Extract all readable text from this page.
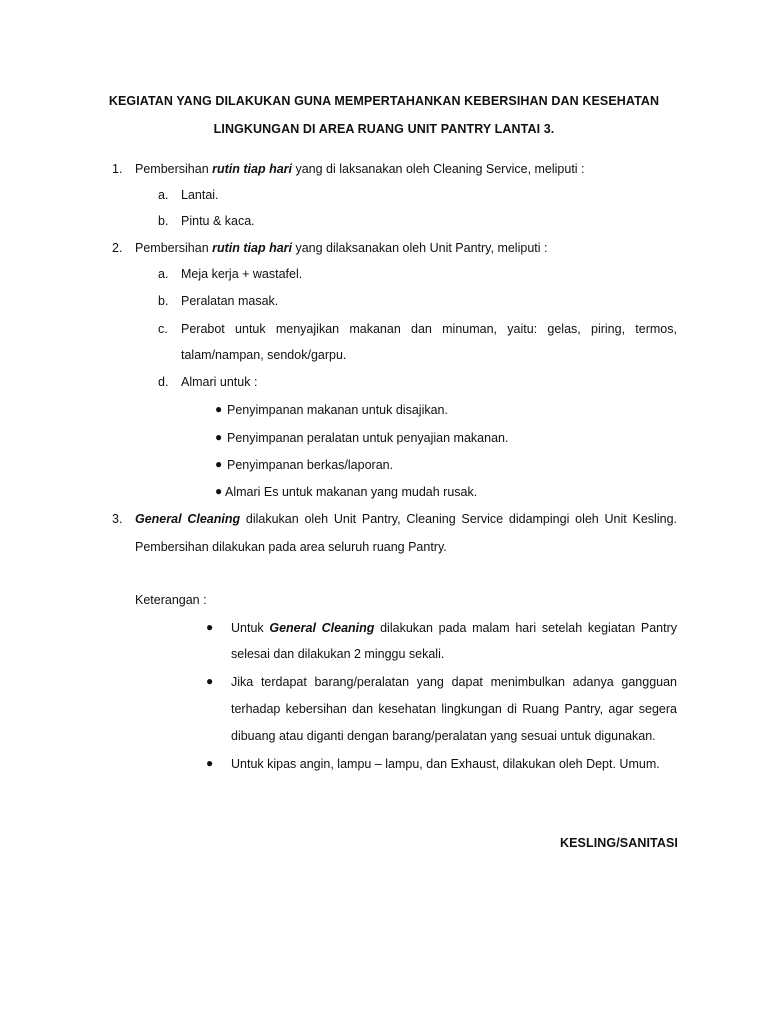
KEGIATAN YANG DILAKUKAN GUNA MEMPERTAHANKAN KEBERSIHAN DAN KESEHATAN
LINGKUNGAN DI AREA RUANG UNIT PANTRY LANTAI 3.
1. Pembersihan rutin tiap hari yang di laksanakan oleh Cleaning Service, meliputi :
a. Lantai.
b. Pintu & kaca.
2. Pembersihan rutin tiap hari yang dilaksanakan oleh Unit Pantry, meliputi :
a. Meja kerja + wastafel.
b. Peralatan masak.
c. Perabot untuk menyajikan makanan dan minuman, yaitu: gelas, piring, termos,
talam/nampan, sendok/garpu.
d. Almari untuk :
● Penyimpanan makanan untuk disajikan.
● Penyimpanan peralatan untuk penyajian makanan.
● Penyimpanan berkas/laporan.
● Almari Es untuk makanan yang mudah rusak.
3. General Cleaning dilakukan oleh Unit Pantry, Cleaning Service didampingi oleh Unit Kesling.
Pembersihan dilakukan pada area seluruh ruang Pantry.
Keterangan :
● Untuk General Cleaning dilakukan pada malam hari setelah kegiatan Pantry
selesai dan dilakukan 2 minggu sekali.
● Jika terdapat barang/peralatan yang dapat menimbulkan adanya gangguan
terhadap kebersihan dan kesehatan lingkungan di Ruang Pantry, agar segera
dibuang atau diganti dengan barang/peralatan yang sesuai untuk digunakan.
● Untuk kipas angin, lampu – lampu, dan Exhaust, dilakukan oleh Dept. Umum.
KESLING/SANITASI
